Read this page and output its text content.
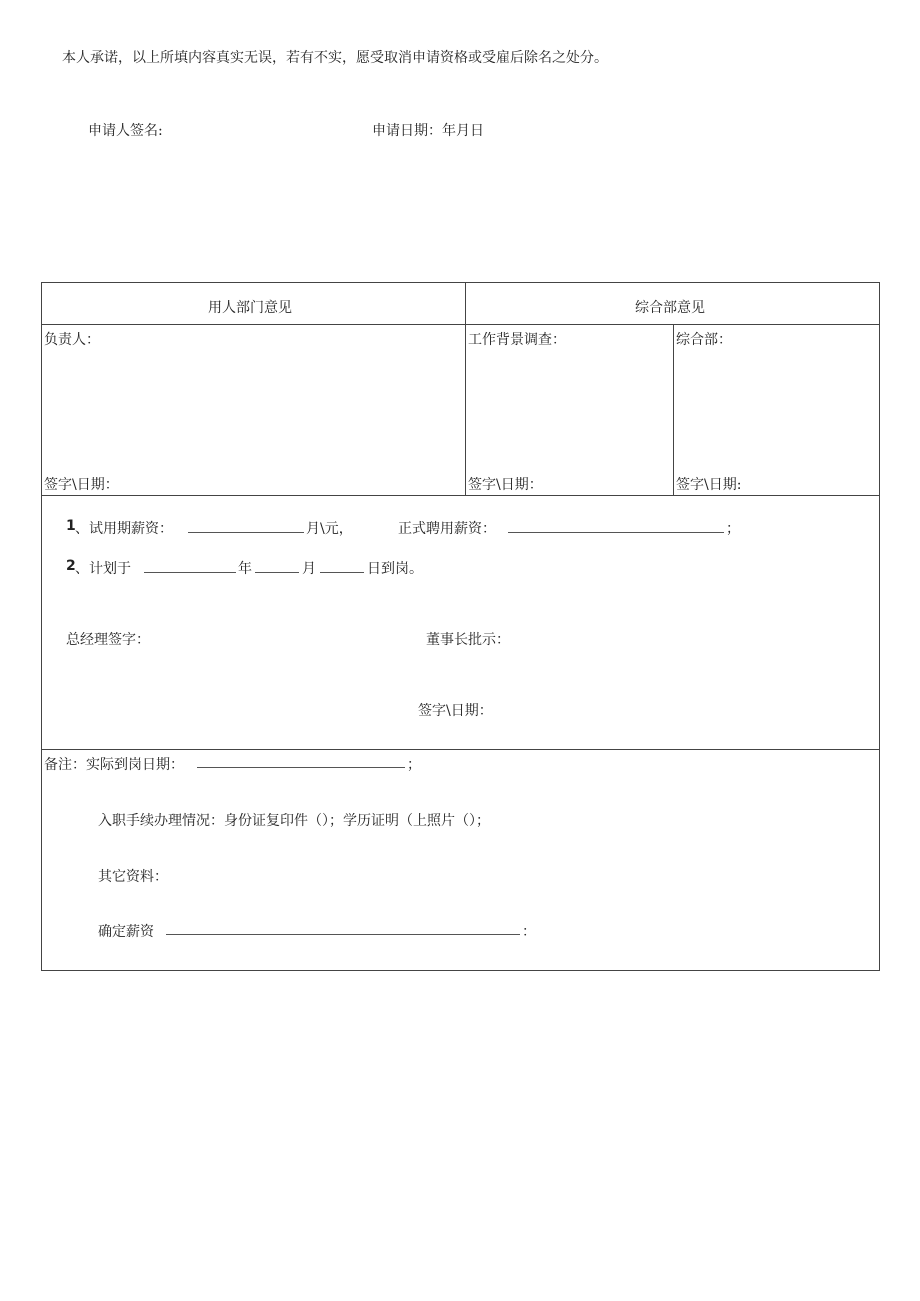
本人承诺，以上所填内容真实无误，若有不实，愿受取消申请资格或受雇后除名之处分。
申请人签名:	申请日期：年月日
用人部门意见	综合部意见
负责人：	工作背景调查：	综合部：
签字\日期：	签字\日期：	签字\日期:
1 、试用期薪资：	月\元，	正式聘用薪资：	；
2 、计划于	年	月	日到岗。
总经理签字：	董事长批示：
签字\日期：
备注：实际到岗日期：	；
入职手续办理情况：身份证复印件（）；学历证明（上照片（）；
其它资料：
确定薪资	：
